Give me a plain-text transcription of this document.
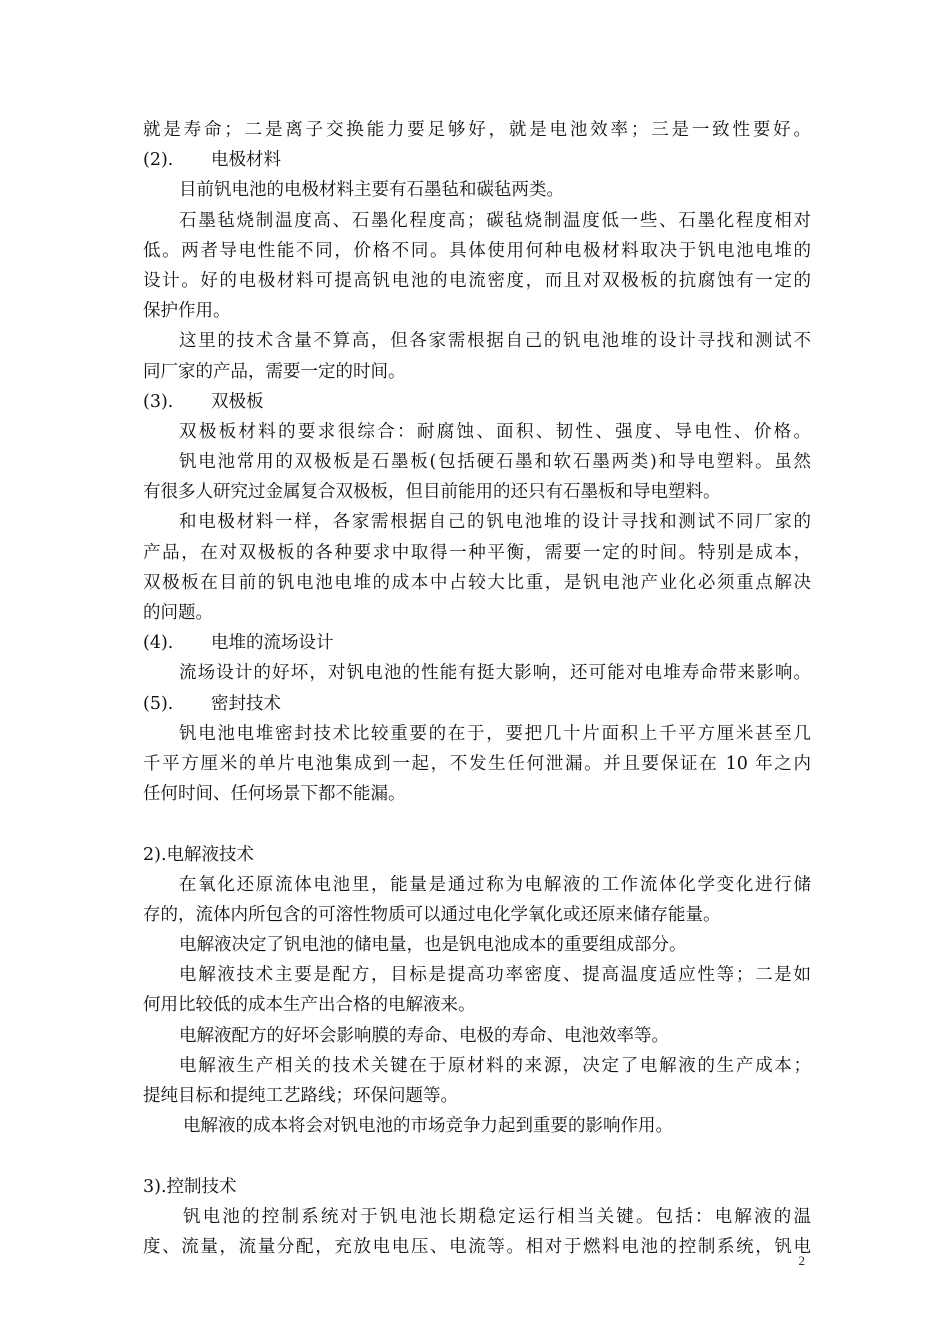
就是寿命；二是离子交换能力要足够好，就是电池效率；三是一致性要好。
(2). 电极材料
目前钒电池的电极材料主要有石墨毡和碳毡两类。
石墨毡烧制温度高、石墨化程度高；碳毡烧制温度低一些、石墨化程度相对
低。两者导电性能不同，价格不同。具体使用何种电极材料取决于钒电池电堆的
设计。好的电极材料可提高钒电池的电流密度，而且对双极板的抗腐蚀有一定的
保护作用。
这里的技术含量不算高，但各家需根据自己的钒电池堆的设计寻找和测试不
同厂家的产品，需要一定的时间。
(3). 双极板
双极板材料的要求很综合：耐腐蚀、面积、韧性、强度、导电性、价格。
钒电池常用的双极板是石墨板(包括硬石墨和软石墨两类)和导电塑料。虽然
有很多人研究过金属复合双极板，但目前能用的还只有石墨板和导电塑料。
和电极材料一样，各家需根据自己的钒电池堆的设计寻找和测试不同厂家的
产品，在对双极板的各种要求中取得一种平衡，需要一定的时间。特别是成本，
双极板在目前的钒电池电堆的成本中占较大比重，是钒电池产业化必须重点解决
的问题。
(4). 电堆的流场设计
流场设计的好坏，对钒电池的性能有挺大影响，还可能对电堆寿命带来影响。
(5). 密封技术
钒电池电堆密封技术比较重要的在于，要把几十片面积上千平方厘米甚至几
千平方厘米的单片电池集成到一起，不发生任何泄漏。并且要保证在 10 年之内
任何时间、任何场景下都不能漏。
2).电解液技术
在氧化还原流体电池里，能量是通过称为电解液的工作流体化学变化进行储
存的，流体内所包含的可溶性物质可以通过电化学氧化或还原来储存能量。
电解液决定了钒电池的储电量，也是钒电池成本的重要组成部分。
电解液技术主要是配方，目标是提高功率密度、提高温度适应性等；二是如
何用比较低的成本生产出合格的电解液来。
电解液配方的好坏会影响膜的寿命、电极的寿命、电池效率等。
电解液生产相关的技术关键在于原材料的来源，决定了电解液的生产成本；
提纯目标和提纯工艺路线；环保问题等。
电解液的成本将会对钒电池的市场竞争力起到重要的影响作用。
3).控制技术
钒电池的控制系统对于钒电池长期稳定运行相当关键。包括：电解液的温
度、流量，流量分配，充放电电压、电流等。相对于燃料电池的控制系统，钒电
2
